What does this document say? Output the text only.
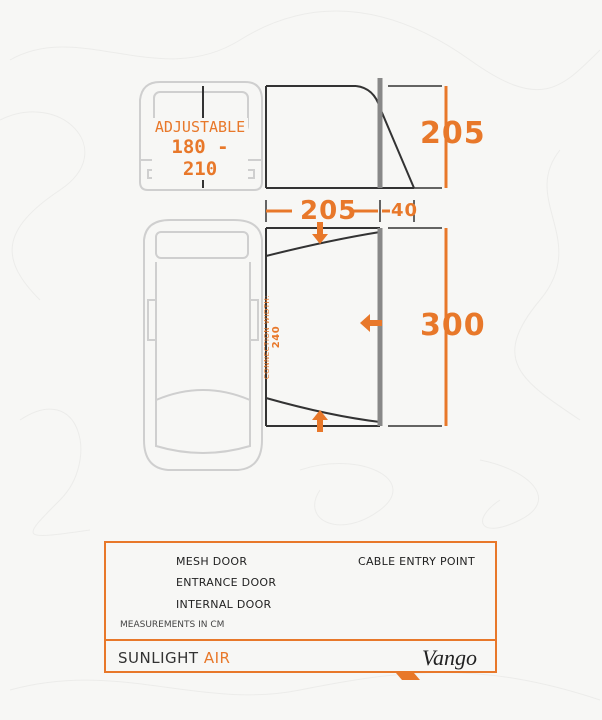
ADJUSTABLE
180 - 210
205
205 40
300
CONNECTION WIDTH: 240
MESH DOOR
ENTRANCE DOOR
INTERNAL DOOR
CABLE ENTRY POINT
MEASUREMENTS IN CM
SUNLIGHT AIR	Vango
